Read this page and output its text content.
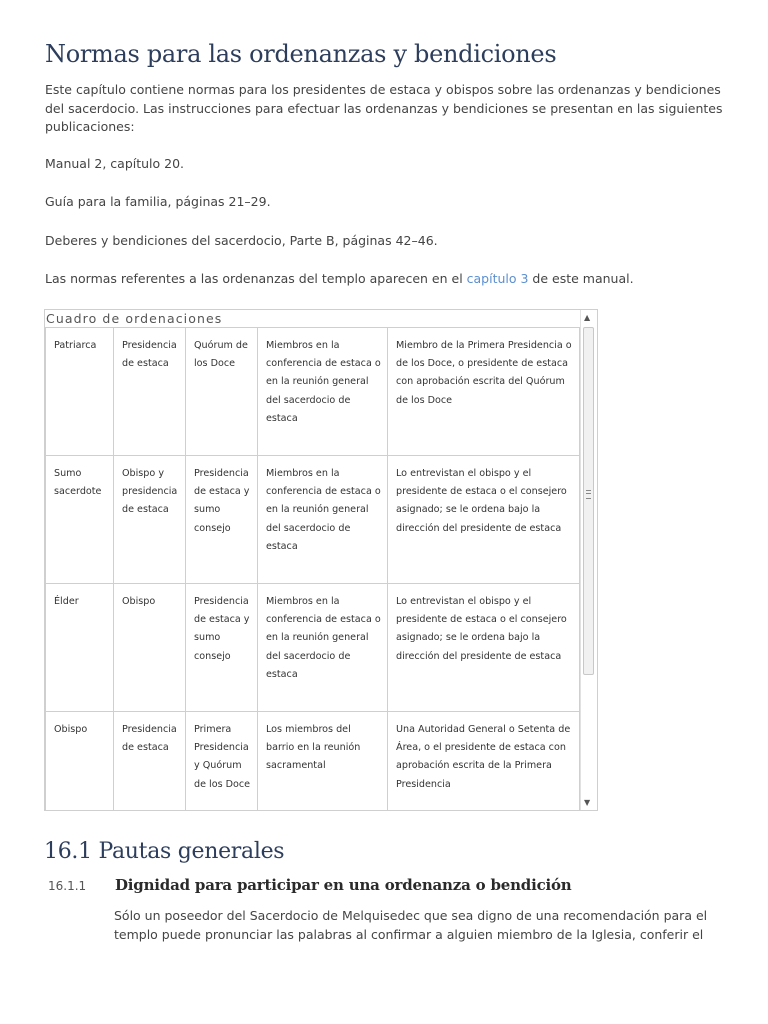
Normas para las ordenanzas y bendiciones
Este capítulo contiene normas para los presidentes de estaca y obispos sobre las ordenanzas y bendiciones del sacerdocio. Las instrucciones para efectuar las ordenanzas y bendiciones se presentan en las siguientes publicaciones:
Manual 2, capítulo 20.
Guía para la familia, páginas 21–29.
Deberes y bendiciones del sacerdocio, Parte B, páginas 42–46.
Las normas referentes a las ordenanzas del templo aparecen en el capítulo 3 de este manual.
Cuadro de ordenaciones
Patriarca	Presidencia de estaca	Quórum de los Doce	Miembros en la conferencia de estaca o en la reunión general del sacerdocio de estaca	Miembro de la Primera Presidencia o de los Doce, o presidente de estaca con aprobación escrita del Quórum de los Doce
Sumo sacerdote	Obispo y presidencia de estaca	Presidencia de estaca y sumo consejo	Miembros en la conferencia de estaca o en la reunión general del sacerdocio de estaca	Lo entrevistan el obispo y el presidente de estaca o el consejero asignado; se le ordena bajo la dirección del presidente de estaca
Élder	Obispo	Presidencia de estaca y sumo consejo	Miembros en la conferencia de estaca o en la reunión general del sacerdocio de estaca	Lo entrevistan el obispo y el presidente de estaca o el consejero asignado; se le ordena bajo la dirección del presidente de estaca
Obispo	Presidencia de estaca	Primera Presidencia y Quórum de los Doce	Los miembros del barrio en la reunión sacramental	Una Autoridad General o Setenta de Área, o el presidente de estaca con aprobación escrita de la Primera Presidencia
▲
▼
16.1 Pautas generales
16.1.1 Dignidad para participar en una ordenanza o bendición
Sólo un poseedor del Sacerdocio de Melquisedec que sea digno de una recomendación para el templo puede pronunciar las palabras al confirmar a alguien miembro de la Iglesia, conferir el
